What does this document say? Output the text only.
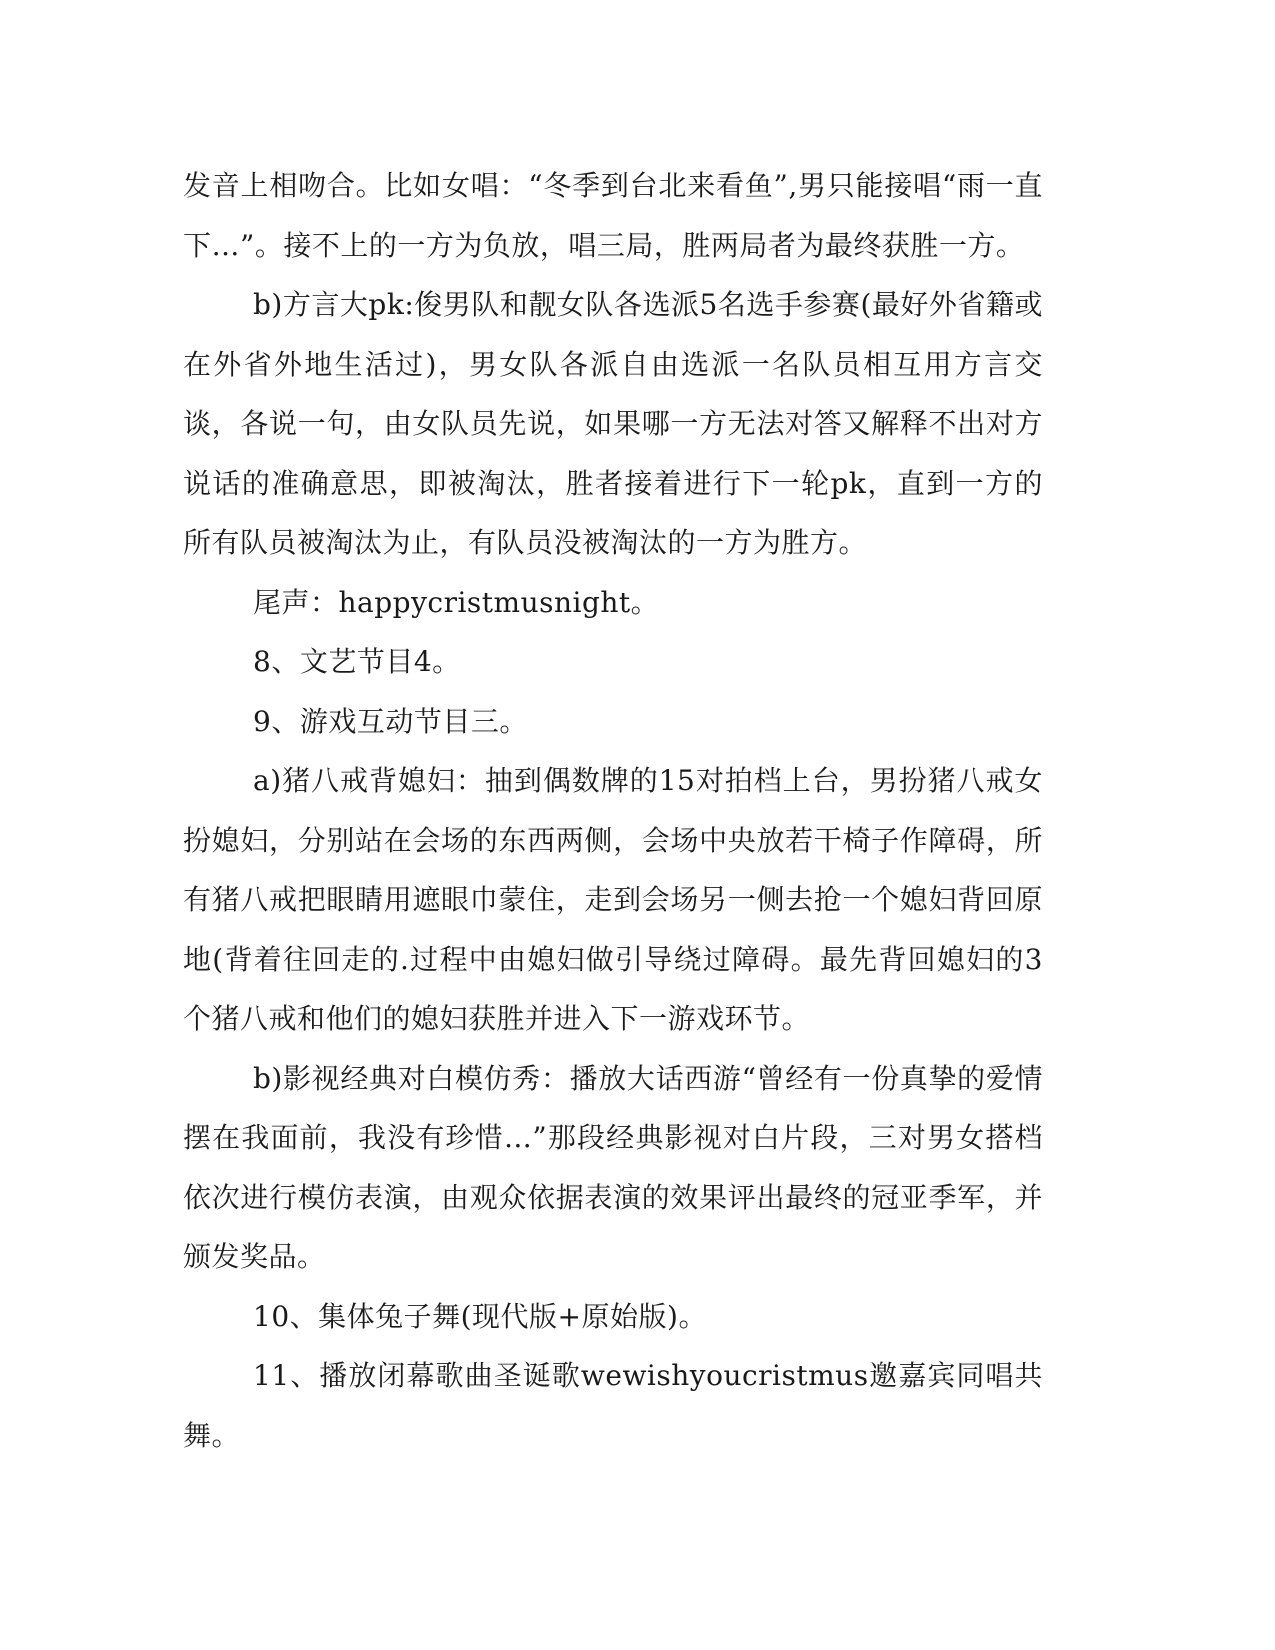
发音上相吻合。比如女唱：“冬季到台北来看鱼”,男只能接唱“雨一直下…”。接不上的一方为负放，唱三局，胜两局者为最终获胜一方。

b)方言大pk:俊男队和靓女队各选派5名选手参赛(最好外省籍或在外省外地生活过)，男女队各派自由选派一名队员相互用方言交谈，各说一句，由女队员先说，如果哪一方无法对答又解释不出对方说话的准确意思，即被淘汰，胜者接着进行下一轮pk，直到一方的所有队员被淘汰为止，有队员没被淘汰的一方为胜方。

尾声：happycristmusnight。

8、文艺节目4。

9、游戏互动节目三。

a)猪八戒背媳妇：抽到偶数牌的15对拍档上台，男扮猪八戒女扮媳妇，分别站在会场的东西两侧，会场中央放若干椅子作障碍，所有猪八戒把眼睛用遮眼巾蒙住，走到会场另一侧去抢一个媳妇背回原地(背着往回走的.过程中由媳妇做引导绕过障碍。最先背回媳妇的3个猪八戒和他们的媳妇获胜并进入下一游戏环节。

b)影视经典对白模仿秀：播放大话西游“曾经有一份真挚的爱情摆在我面前，我没有珍惜…”那段经典影视对白片段，三对男女搭档依次进行模仿表演，由观众依据表演的效果评出最终的冠亚季军，并颁发奖品。

10、集体兔子舞(现代版+原始版)。

11、播放闭幕歌曲圣诞歌wewishyoucristmus邀嘉宾同唱共舞。
